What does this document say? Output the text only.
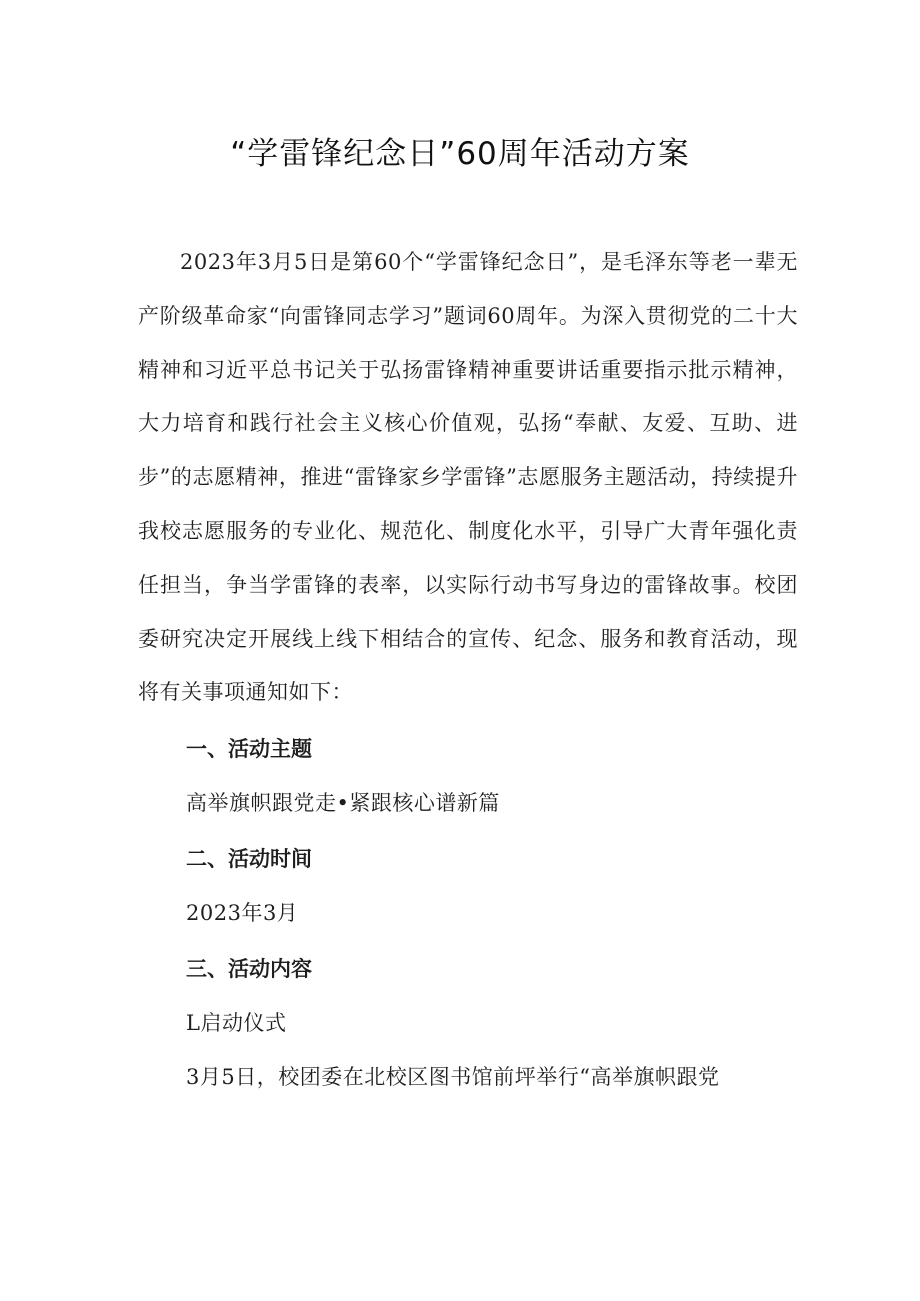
“学雷锋纪念日”60周年活动方案

2023年3月5日是第60个“学雷锋纪念日”，是毛泽东等老一辈无产阶级革命家“向雷锋同志学习”题词60周年。为深入贯彻党的二十大精神和习近平总书记关于弘扬雷锋精神重要讲话重要指示批示精神，大力培育和践行社会主义核心价值观，弘扬“奉献、友爱、互助、进步”的志愿精神，推进“雷锋家乡学雷锋”志愿服务主题活动，持续提升我校志愿服务的专业化、规范化、制度化水平，引导广大青年强化责任担当，争当学雷锋的表率，以实际行动书写身边的雷锋故事。校团委研究决定开展线上线下相结合的宣传、纪念、服务和教育活动，现将有关事项通知如下：

一、活动主题

高举旗帜跟党走•紧跟核心谱新篇

二、活动时间

2023年3月

三、活动内容

L启动仪式

3月5日，校团委在北校区图书馆前坪举行“高举旗帜跟党
